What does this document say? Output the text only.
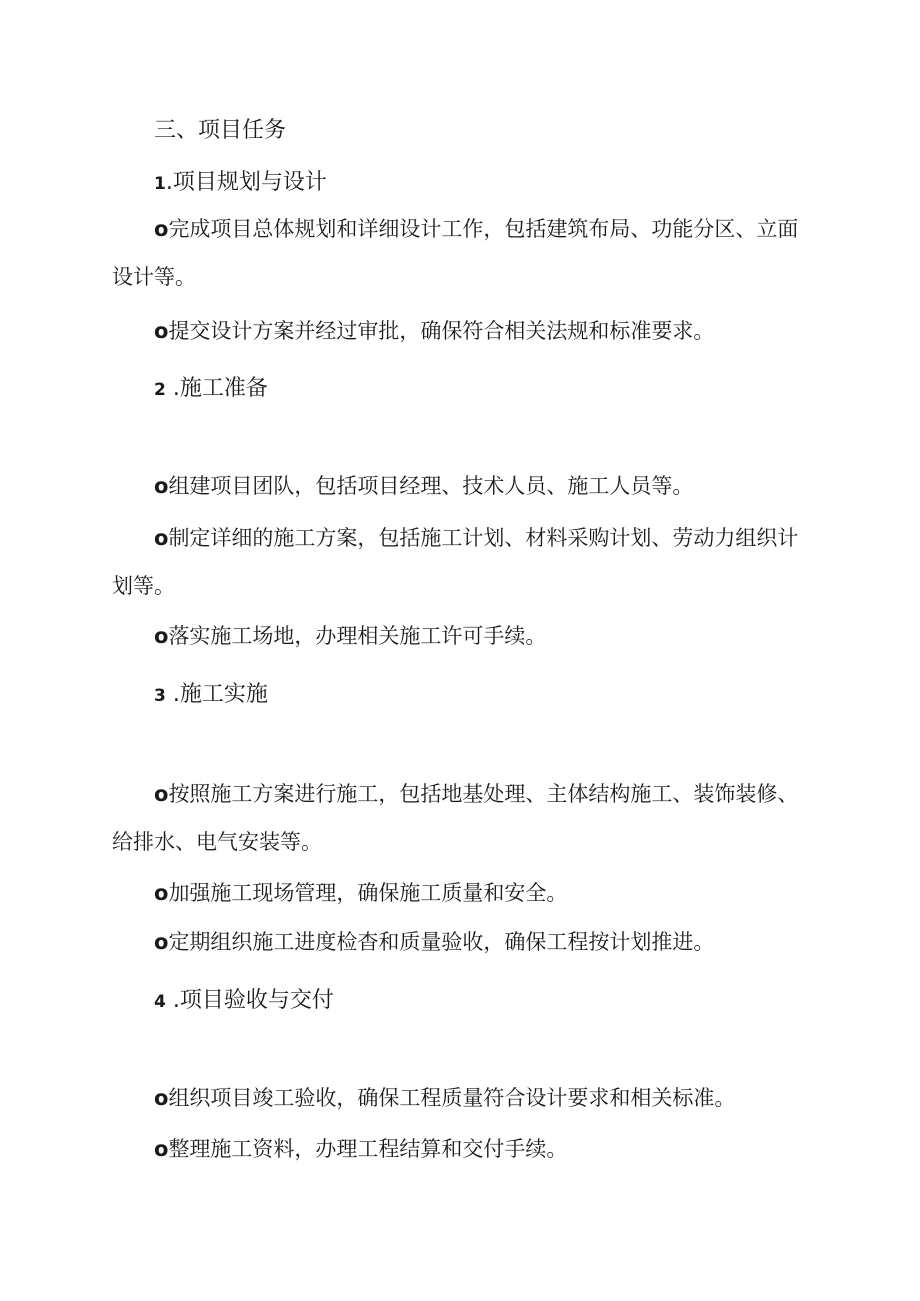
三、项目任务
1.项目规划与设计

o完成项目总体规划和详细设计工作，包括建筑布局、功能分区、立面设计等。

o提交设计方案并经过审批，确保符合相关法规和标准要求。

2 .施工准备

o组建项目团队，包括项目经理、技术人员、施工人员等。

o制定详细的施工方案，包括施工计划、材料采购计划、劳动力组织计划等。

o落实施工场地，办理相关施工许可手续。

3 .施工实施

o按照施工方案进行施工，包括地基处理、主体结构施工、装饰装修、给排水、电气安装等。

o加强施工现场管理，确保施工质量和安全。

o定期组织施工进度检杳和质量验收，确保工程按计划推进。

4 .项目验收与交付

o组织项目竣工验收，确保工程质量符合设计要求和相关标准。

o整理施工资料，办理工程结算和交付手续。
